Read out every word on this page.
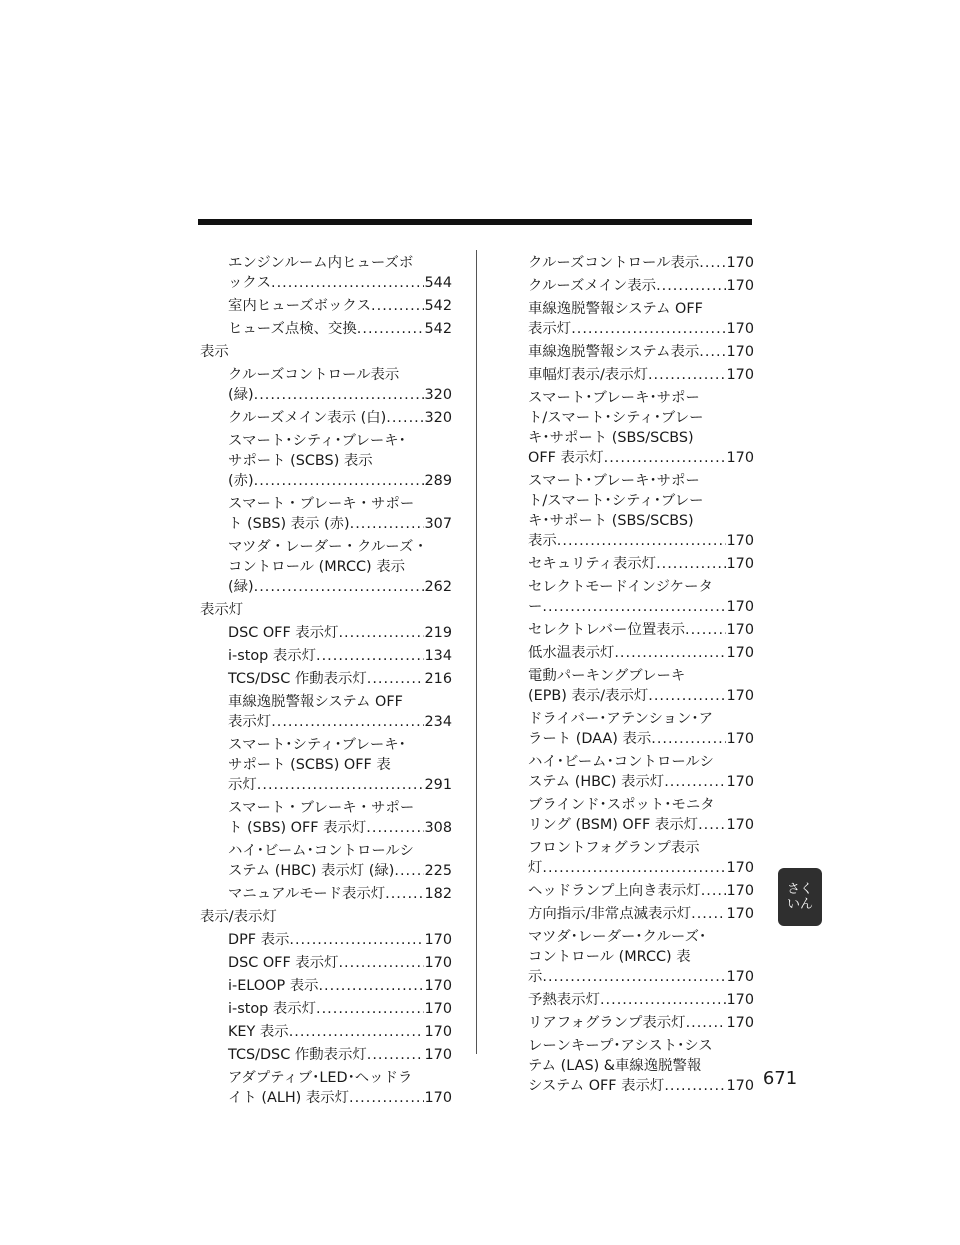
エンジンルーム内ヒューズボ
ックス .....	544
室内ヒューズボックス .....	542
ヒューズ点検、交換 .....	542
表示
クルーズコントロール表示
(緑) .....	320
クルーズメイン表示 (白) .....	320
スマート･シティ･ブレーキ･
サポート (SCBS) 表示
(赤) .....	289
スマート・ブレーキ・サポー
ト (SBS) 表示 (赤) .....	307
マツダ・レーダー・クルーズ・
コントロール (MRCC) 表示
(緑) .....	262
表示灯
DSC OFF 表示灯 .....	219
i-stop 表示灯 .....	134
TCS/DSC 作動表示灯 .....	216
車線逸脱警報システム OFF
表示灯 .....	234
スマート･シティ･ブレーキ･
サポート (SCBS) OFF 表
示灯 .....	291
スマート・ブレーキ・サポー
ト (SBS) OFF 表示灯 .....	308
ハイ･ビーム･コントロールシ
ステム (HBC) 表示灯 (緑) ..... 225
マニュアルモード表示灯 .....	182
表示/表示灯
DPF 表示 .....	170
DSC OFF 表示灯 .....	170
i-ELOOP 表示 .....	170
i-stop 表示灯 .....	170
KEY 表示 .....	170
TCS/DSC 作動表示灯 .....	170
アダプティブ･LED･ヘッドラ
イト (ALH) 表示灯 .....	170
クルーズコントロール表示 ..... 170
クルーズメイン表示 .....	170
車線逸脱警報システム OFF
表示灯 .....	170
車線逸脱警報システム表示 ..... 170
車幅灯表示/表示灯 .....	170
スマート･ブレーキ･サポー
ト/スマート･シティ･ブレー
キ･サポート (SBS/SCBS)
OFF 表示灯 .....	170
スマート･ブレーキ･サポー
ト/スマート･シティ･ブレー
キ･サポート (SBS/SCBS)
表示 .....	170
セキュリティ表示灯 .....	170
セレクトモードインジケータ
ー .....	170
セレクトレバー位置表示 .....	170
低水温表示灯 .....	170
電動パーキングブレーキ
(EPB) 表示/表示灯 .....	170
ドライバー･アテンション･ア
ラート (DAA) 表示 .....	170
ハイ･ビーム･コントロールシ
ステム (HBC) 表示灯 .....	170
ブラインド･スポット･モニタ
リング (BSM) OFF 表示灯 ..... 170
フロントフォグランプ表示
灯 .....	170
ヘッドランプ上向き表示灯 ..... 170
方向指示/非常点滅表示灯 ..... 170
マツダ･レーダー･クルーズ･
コントロール (MRCC) 表
示 .....	170
予熱表示灯 .....	170
リアフォグランプ表示灯 .....	170
レーンキープ･アシスト･シス
テム (LAS) &車線逸脱警報
システム OFF 表示灯 .....	170
さく
いん
671
